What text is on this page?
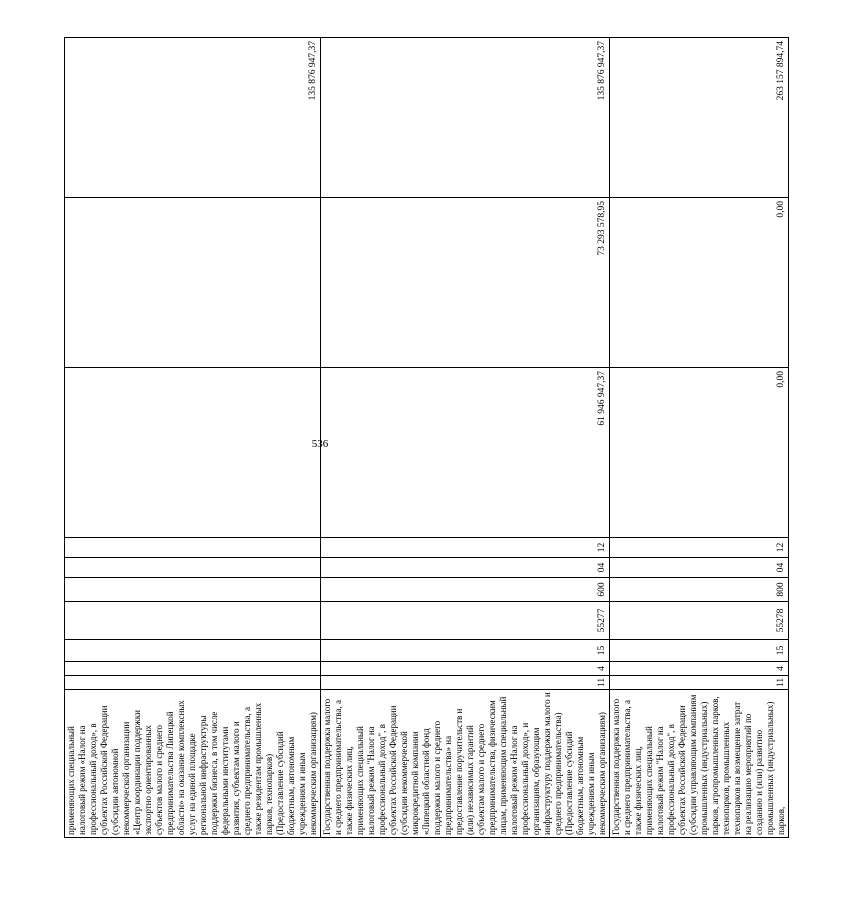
536
применяющих специальный налоговый режим «Налог на профессиональный доход», в субъектах Российской Федерации (субсидии автономной некоммерческой организации «Центр координации поддержки экспортно ориентированных субъектов малого и среднего предпринимательства Липецкой области» на оказание комплексных услуг на единой площадке региональной инфраструктуры поддержки бизнеса, в том числе федеральными институтами развития, субъектам малого и среднего предпринимательства, а также резидентам промышленных парков, технопарков) (Предоставление субсидий бюджетным, автономным учреждениям и иным некоммерческим организациям)										135 876 947,37
Государственная поддержка малого и среднего предпринимательства, а также физических лиц, применяющих специальный налоговый режим "Налог на профессиональный доход", в субъектах Российской Федерации (субсидии некоммерческой микрокредитной компании «Липецкий областной фонд поддержки малого и среднего предпринимательства» на предоставление поручительств и (или) независимых гарантий субъектам малого и среднего предпринимательства, физическим лицам, применяющим специальный налоговый режим «Налог на профессиональный доход», и организациям, образующим инфраструктуру поддержки малого и среднего предпринимательства) (Предоставление субсидий бюджетным, автономным учреждениям и иным некоммерческим организациям)	11	4	15	55277	600	04	12	61 946 947,37	73 293 578,95	135 876 947,37
Государственная поддержка малого и среднего предпринимательства, а также физических лиц, применяющих специальный налоговый режим "Налог на профессиональный доход", в субъектах Российской Федерации (субсидии управляющим компаниям промышленных (индустриальных) парков, агропромышленных парков, технопарков, промышленных технопарков на возмещение затрат на реализацию мероприятий по созданию и (или) развитию промышленных (индустриальных) парков,	11	4	15	55278	800	04	12	0,00	0,00	263 157 894,74
